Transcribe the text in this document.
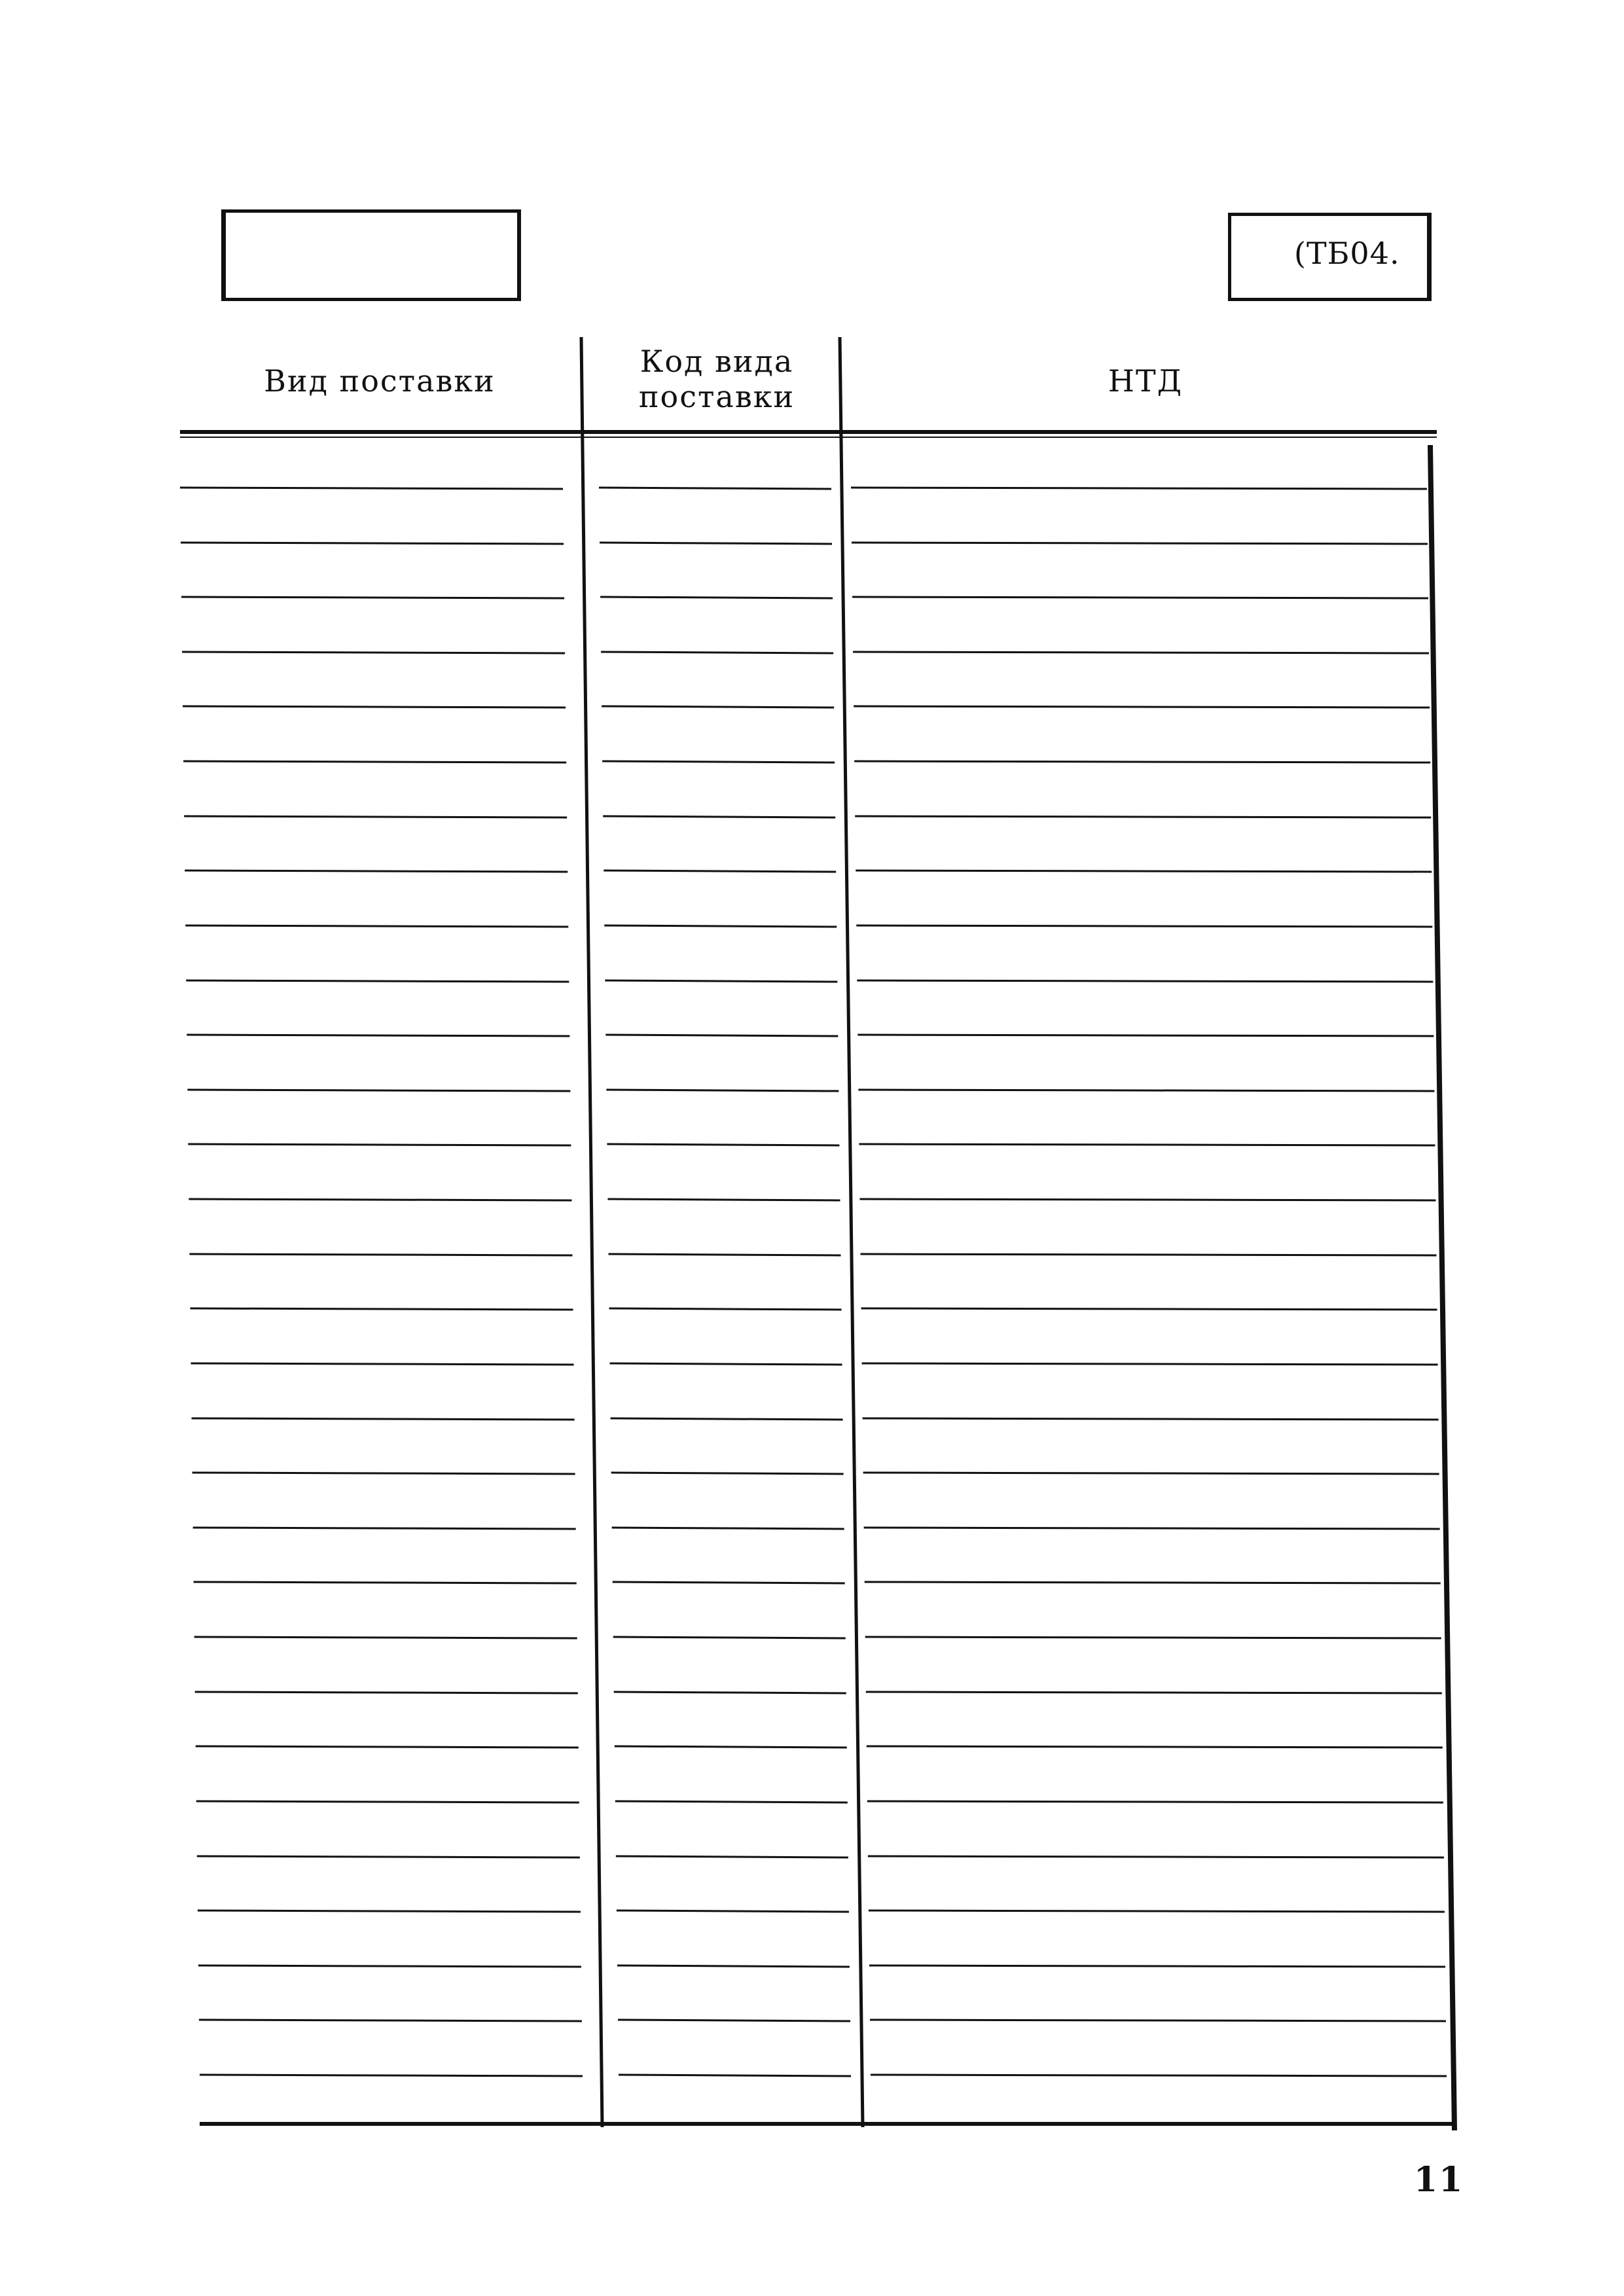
(ТБ04.
Вид поставки
Код вида
поставки	НТД
11
